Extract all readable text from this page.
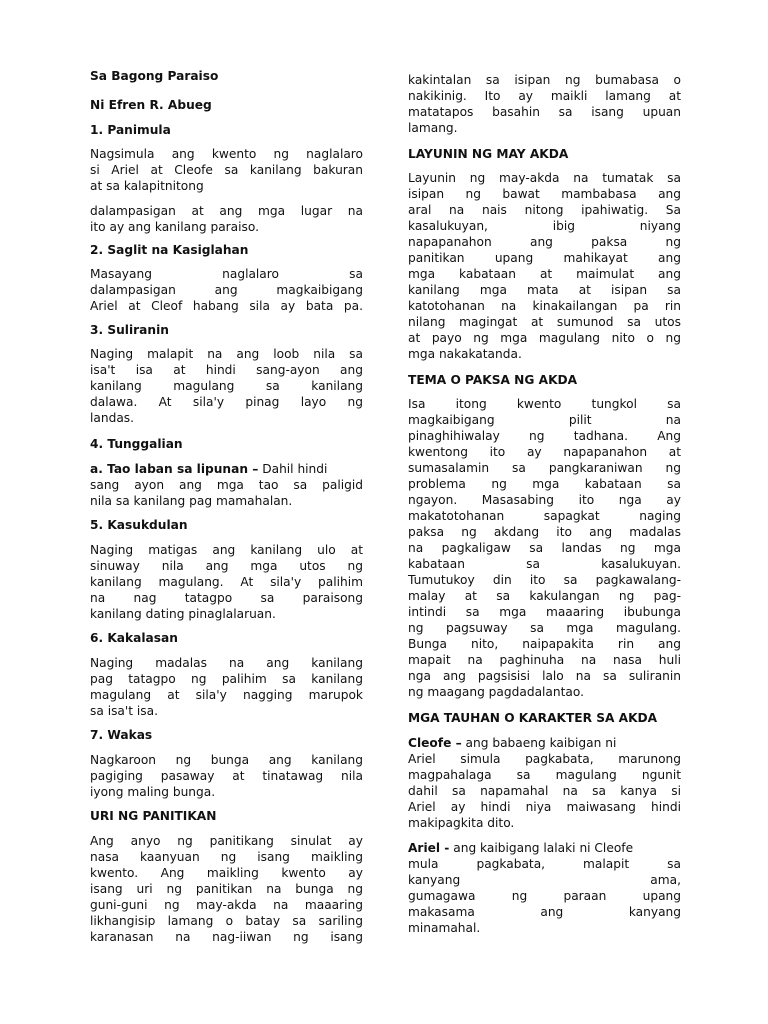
Sa Bagong Paraiso
Ni Efren R. Abueg
1. Panimula
Nagsimula ang kwento ng naglalaro
si Ariel at Cleofe sa kanilang bakuran
at sa kalapitnitong
dalampasigan at ang mga lugar na
ito ay ang kanilang paraiso.
2. Saglit na Kasiglahan
Masayang naglalaro sa
dalampasigan ang magkaibigang
Ariel at Cleof habang sila ay bata pa.
3. Suliranin
Naging malapit na ang loob nila sa
isa't isa at hindi sang-ayon ang
kanilang magulang sa kanilang
dalawa. At sila'y pinag layo ng
landas.
4. Tunggalian
a. Tao laban sa lipunan – Dahil hindi
sang ayon ang mga tao sa paligid
nila sa kanilang pag mamahalan.
5. Kasukdulan
Naging matigas ang kanilang ulo at
sinuway nila ang mga utos ng
kanilang magulang. At sila'y palihim
na nag tatagpo sa paraisong
kanilang dating pinaglalaruan.
6. Kakalasan
Naging madalas na ang kanilang
pag tatagpo ng palihim sa kanilang
magulang at sila'y nagging marupok
sa isa't isa.
7. Wakas
Nagkaroon ng bunga ang kanilang
pagiging pasaway at tinatawag nila
iyong maling bunga.
URI NG PANITIKAN
Ang anyo ng panitikang sinulat ay
nasa kaanyuan ng isang maikling
kwento. Ang maikling kwento ay
isang uri ng panitikan na bunga ng
guni-guni ng may-akda na maaaring
likhangisip lamang o batay sa sariling
karanasan na nag-iiwan ng isang
kakintalan sa isipan ng bumabasa o
nakikinig. Ito ay maikli lamang at
matatapos basahin sa isang upuan
lamang.
LAYUNIN NG MAY AKDA
Layunin ng may-akda na tumatak sa
isipan ng bawat mambabasa ang
aral na nais nitong ipahiwatig. Sa
kasalukuyan, ibig niyang
napapanahon ang paksa ng
panitikan upang mahikayat ang
mga kabataan at maimulat ang
kanilang mga mata at isipan sa
katotohanan na kinakailangan pa rin
nilang magingat at sumunod sa utos
at payo ng mga magulang nito o ng
mga nakakatanda.
TEMA O PAKSA NG AKDA
Isa itong kwento tungkol sa
magkaibigang pilit na
pinaghihiwalay ng tadhana. Ang
kwentong ito ay napapanahon at
sumasalamin sa pangkaraniwan ng
problema ng mga kabataan sa
ngayon. Masasabing ito nga ay
makatotohanan sapagkat naging
paksa ng akdang ito ang madalas
na pagkaligaw sa landas ng mga
kabataan sa kasalukuyan.
Tumutukoy din ito sa pagkawalang-
malay at sa kakulangan ng pag-
intindi sa mga maaaring ibubunga
ng pagsuway sa mga magulang.
Bunga nito, naipapakita rin ang
mapait na paghinuha na nasa huli
nga ang pagsisisi lalo na sa suliranin
ng maagang pagdadalantao.
MGA TAUHAN O KARAKTER SA AKDA
Cleofe – ang babaeng kaibigan ni
Ariel simula pagkabata, marunong
magpahalaga sa magulang ngunit
dahil sa napamahal na sa kanya si
Ariel ay hindi niya maiwasang hindi
makipagkita dito.
Ariel - ang kaibigang lalaki ni Cleofe
mula pagkabata, malapit sa
kanyang ama,
gumagawa ng paraan upang
makasama ang kanyang
minamahal.
